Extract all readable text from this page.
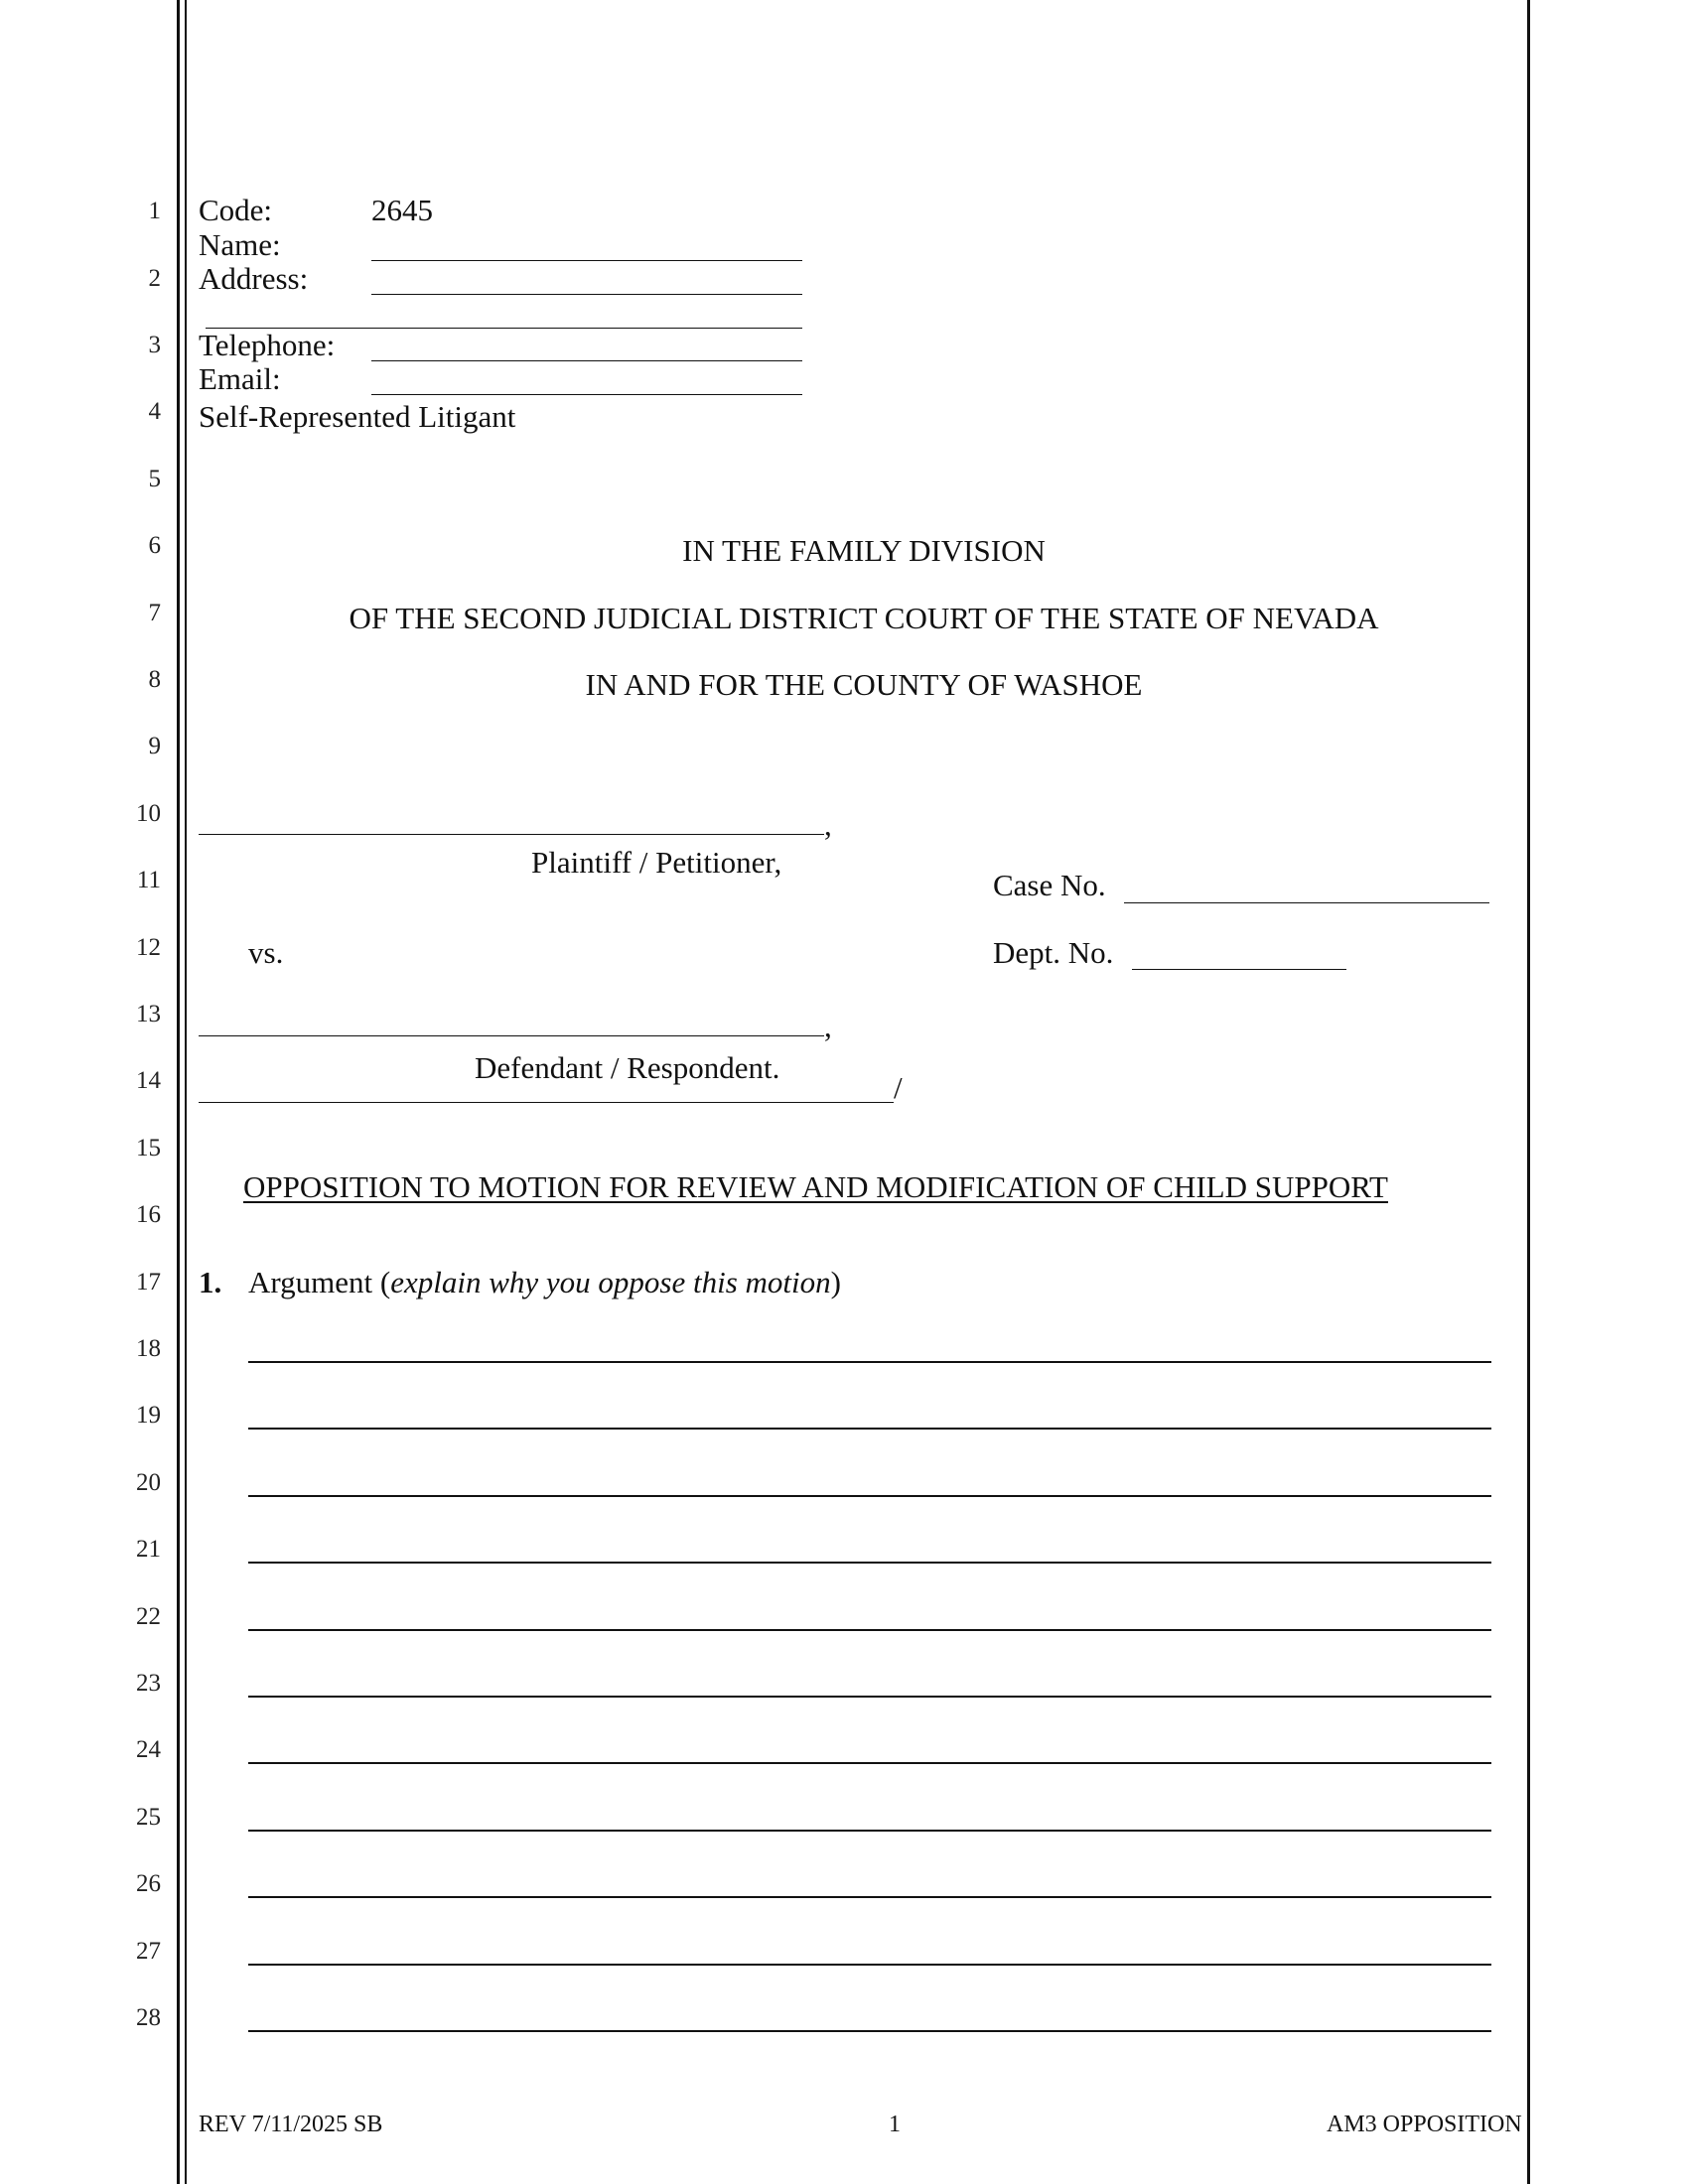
1
2
3
4
5
6
7
8
9
10
11
12
13
14
15
16
17
18
19
20
21
22
23
24
25
26
27
28
Code:	2645
Name:
Address:
Telephone:
Email:
Self-Represented Litigant
IN THE FAMILY DIVISION
OF THE SECOND JUDICIAL DISTRICT COURT OF THE STATE OF NEVADA
IN AND FOR THE COUNTY OF WASHOE
,
Plaintiff / Petitioner,
Case No.
vs.	Dept. No.
,
Defendant / Respondent.
/
OPPOSITION TO MOTION FOR REVIEW AND MODIFICATION OF CHILD SUPPORT
1. Argument (explain why you oppose this motion)
REV 7/11/2025 SB	1	AM3 OPPOSITION
